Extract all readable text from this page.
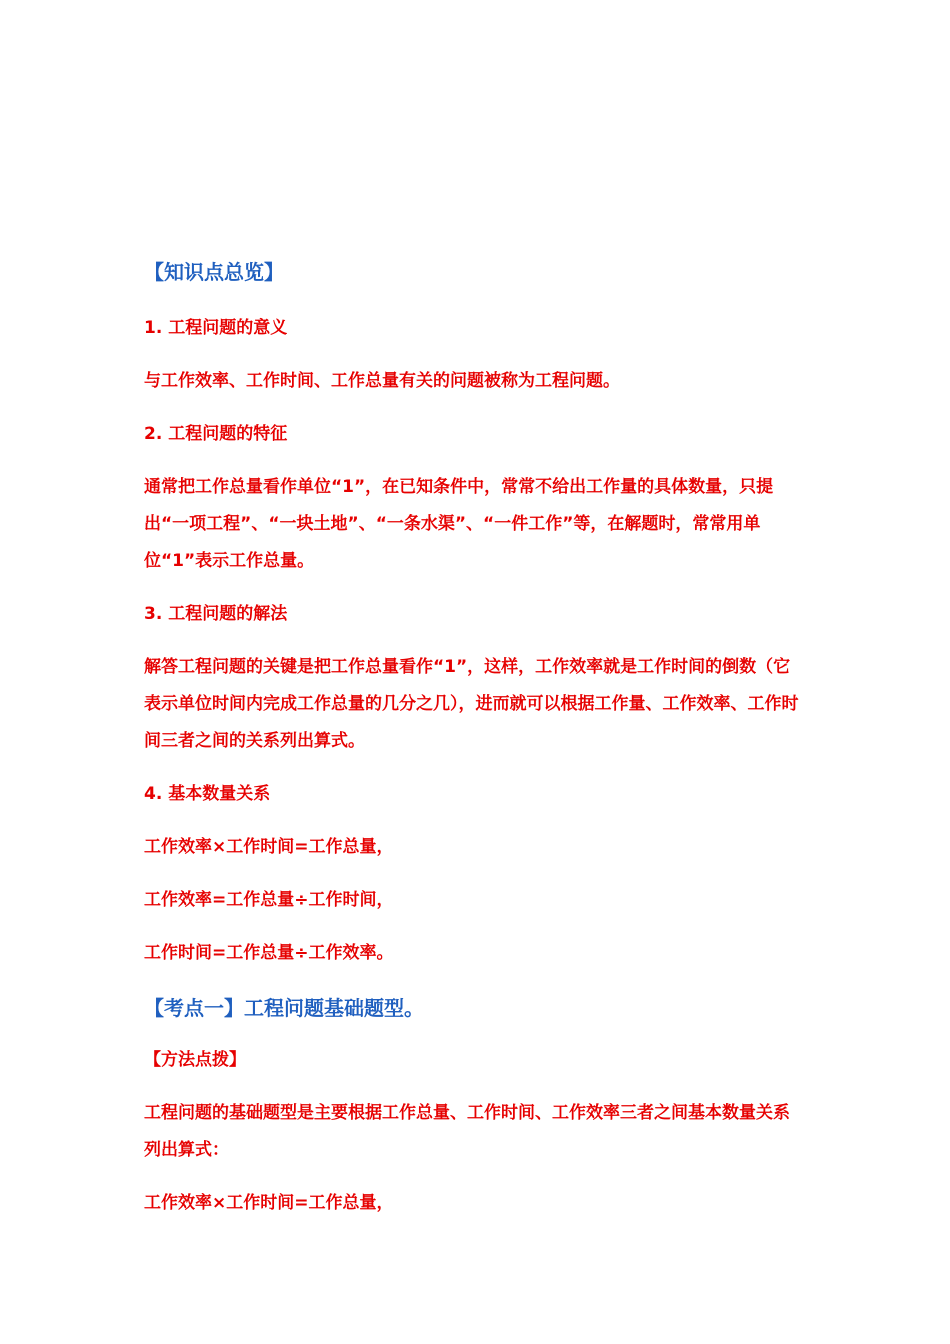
【知识点总览】

1. 工程问题的意义

与工作效率、工作时间、工作总量有关的问题被称为工程问题。

2. 工程问题的特征

通常把工作总量看作单位“1”，在已知条件中，常常不给出工作量的具体数量，只提出“一项工程”、“一块土地”、“一条水渠”、“一件工作”等，在解题时，常常用单位“1”表示工作总量。

3. 工程问题的解法

解答工程问题的关键是把工作总量看作“1”，这样，工作效率就是工作时间的倒数（它表示单位时间内完成工作总量的几分之几），进而就可以根据工作量、工作效率、工作时间三者之间的关系列出算式。

4. 基本数量关系

工作效率×工作时间=工作总量，

工作效率=工作总量÷工作时间，

工作时间=工作总量÷工作效率。

【考点一】工程问题基础题型。

【方法点拨】

工程问题的基础题型是主要根据工作总量、工作时间、工作效率三者之间基本数量关系列出算式：

工作效率×工作时间=工作总量，
